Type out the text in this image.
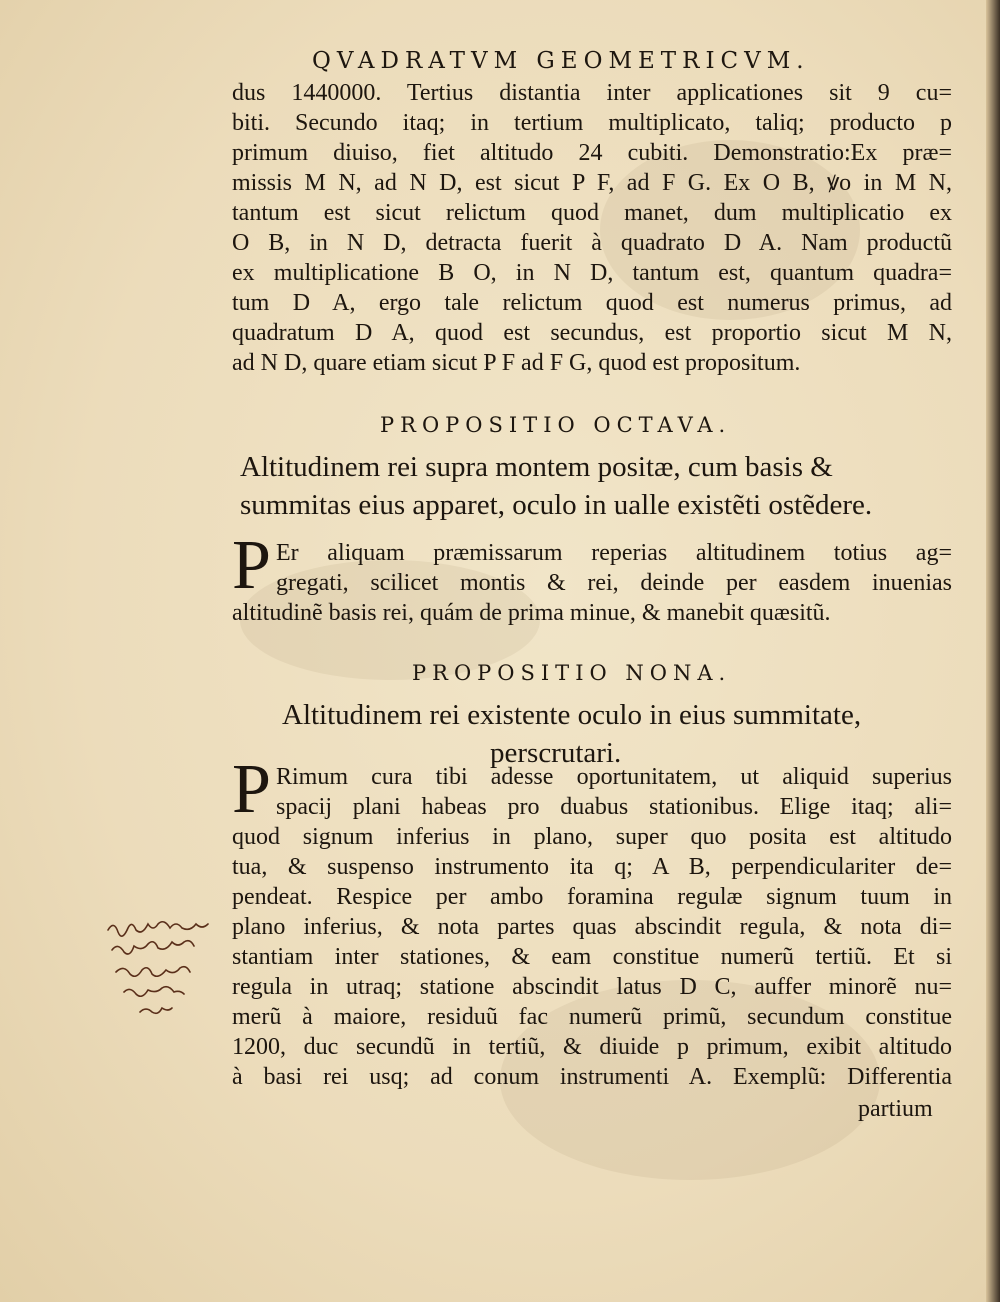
QVADRATVM GEOMETRICVM.

dus 1440000. Tertius distantia inter applicationes sit 9 cu=

biti. Secundo itaq; in tertium multiplicato, taliq; producto p

primum diuiso, fiet altitudo 24 cubiti. Demonstratio:Ex præ=

missis M N, ad N D, est sicut P F, ad F G. Ex O B, ꝟo in M N,

tantum est sicut relictum quod manet, dum multiplicatio ex

O B, in N D, detracta fuerit à quadrato D A. Nam productũ

ex multiplicatione B O, in N D, tantum est, quantum quadra=

tum D A, ergo tale relictum quod est numerus primus, ad

quadratum D A, quod est secundus, est proportio sicut M N,

ad N D, quare etiam sicut P F ad F G, quod est propositum.

PROPOSITIO OCTAVA.

Altitudinem rei supra montem positæ, cum basis &

summitas eius apparet, oculo in ualle existẽti ostẽdere.

P Er aliquam præmissarum reperias altitudinem totius ag=

gregati, scilicet montis & rei, deinde per easdem inuenias

altitudinẽ basis rei, quám de prima minue, & manebit quæsitũ.

PROPOSITIO NONA.

Altitudinem rei existente oculo in eius summitate,

perscrutari.

P Rimum cura tibi adesse oportunitatem, ut aliquid superius

spacij plani habeas pro duabus stationibus. Elige itaq; ali=

quod signum inferius in plano, super quo posita est altitudo

tua, & suspenso instrumento ita q; A B, perpendiculariter de=

pendeat. Respice per ambo foramina regulæ signum tuum in

plano inferius, & nota partes quas abscindit regula, & nota di=

stantiam inter stationes, & eam constitue numerũ tertiũ. Et si

regula in utraq; statione abscindit latus D C, auffer minorẽ nu=

merũ à maiore, residuũ fac numerũ primũ, secundum constitue

1200, duc secundũ in tertiũ, & diuide p primum, exibit altitudo

à basi rei usq; ad conum instrumenti A. Exemplũ: Differentia

partium
